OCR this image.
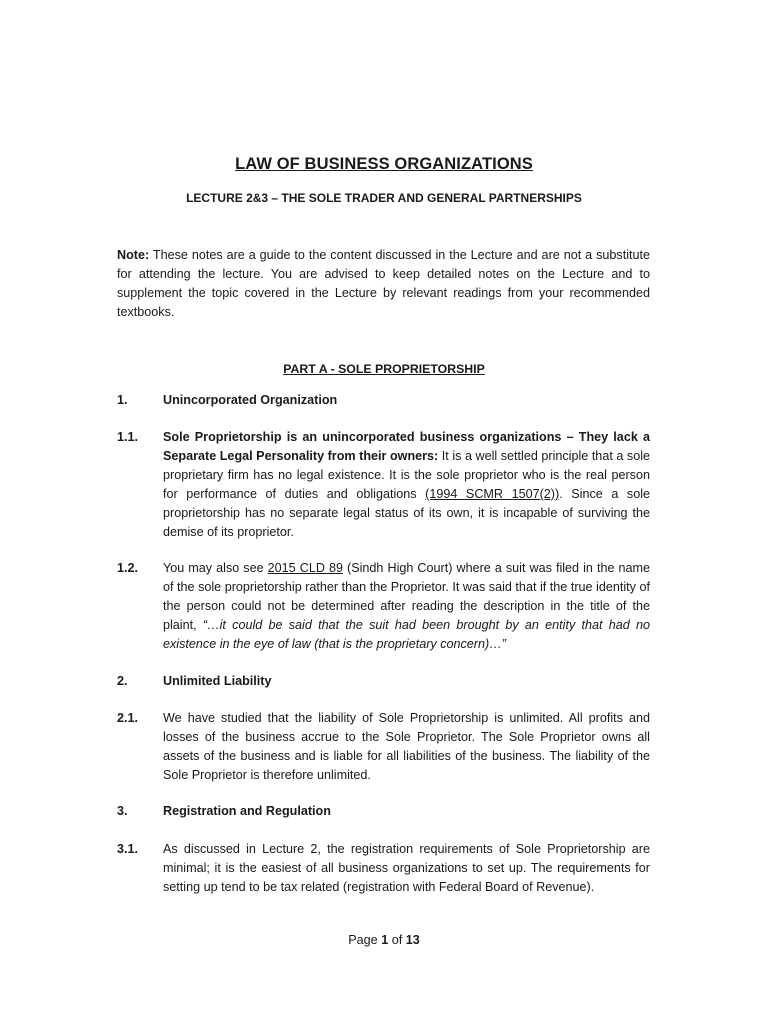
LAW OF BUSINESS ORGANIZATIONS
LECTURE 2&3 – THE SOLE TRADER AND GENERAL PARTNERSHIPS
Note: These notes are a guide to the content discussed in the Lecture and are not a substitute for attending the lecture. You are advised to keep detailed notes on the Lecture and to supplement the topic covered in the Lecture by relevant readings from your recommended textbooks.
PART A - SOLE PROPRIETORSHIP
1.	Unincorporated Organization
1.1.	Sole Proprietorship is an unincorporated business organizations – They lack a Separate Legal Personality from their owners: It is a well settled principle that a sole proprietary firm has no legal existence. It is the sole proprietor who is the real person for performance of duties and obligations (1994 SCMR 1507(2)). Since a sole proprietorship has no separate legal status of its own, it is incapable of surviving the demise of its proprietor.
1.2.	You may also see 2015 CLD 89 (Sindh High Court) where a suit was filed in the name of the sole proprietorship rather than the Proprietor. It was said that if the true identity of the person could not be determined after reading the description in the title of the plaint, “…it could be said that the suit had been brought by an entity that had no existence in the eye of law (that is the proprietary concern)…”
2.	Unlimited Liability
2.1.	We have studied that the liability of Sole Proprietorship is unlimited. All profits and losses of the business accrue to the Sole Proprietor. The Sole Proprietor owns all assets of the business and is liable for all liabilities of the business. The liability of the Sole Proprietor is therefore unlimited.
3.	Registration and Regulation
3.1.	As discussed in Lecture 2, the registration requirements of Sole Proprietorship are minimal; it is the easiest of all business organizations to set up. The requirements for setting up tend to be tax related (registration with Federal Board of Revenue).
Page 1 of 13
